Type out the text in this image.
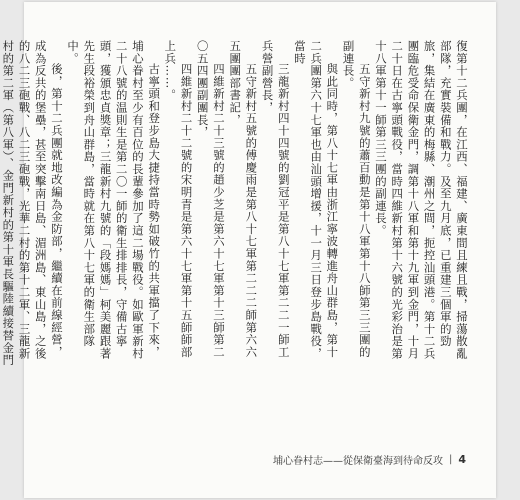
復第十二兵團，在江西、福建、廣東間且練且戰，掃蕩散亂部隊，充實裝備和戰力。及至九月底，已重建三個軍的勁旅，集結在廣東的梅縣、潮州之間，扼控汕頭港。第十二兵團臨危受命保衛金門，調第十八軍和第十九軍到金門，十月二十日在古寧頭戰役，當時四維新村第十六號的光彩治是第十八軍第十一師第三三團的副連長。

五守新村九號的蕭百動是第十八軍第十八師第三三團的副連長。

與此同時，第八十七軍由浙江寧波轉進舟山群島，第十二兵團第六十七軍也由汕頭增援，十一月三日登步島戰役，當時

三龍新村四十四號的劉冠平是第八十七軍第二二一師工兵營副營長，

五守新村五號的傅慶雨是第八十七軍第二二二師第六六五團團部書記，

四維新村二十三號的趙少芝是第六十七軍第十三師第二〇五四團副團長，

四維新村二十二號的宋明青是第六十七軍第十五師師部上兵……。

古寧頭和登步島大捷持當時勢如破竹的共軍擋了下來，埔心眷村至少有百位的長輩參加了這二場戰役。如歐軍新村二十八號的温則生是第二〇一師的衛生排排長，守備古寧頭，獲頒忠貞獎章；三龍新村九號的「段媽媽」柯美麗跟著先生段裕榮到舟山群島，當時就在第八十七軍的衛生部隊中。

後，第十二兵團就地改編為金防部，繼續在前線經營，成為反共的堡壘，甚至突擊南日島、湄洲島、東山島，之後的八二三砲戰、八二三砲戰，光華二村的第十二軍、三龍新村的第二軍（第八軍）、金門新村的第十軍長驅陸續接替金門

埔心眷村志——從保衛臺海到待命反攻 | 4
